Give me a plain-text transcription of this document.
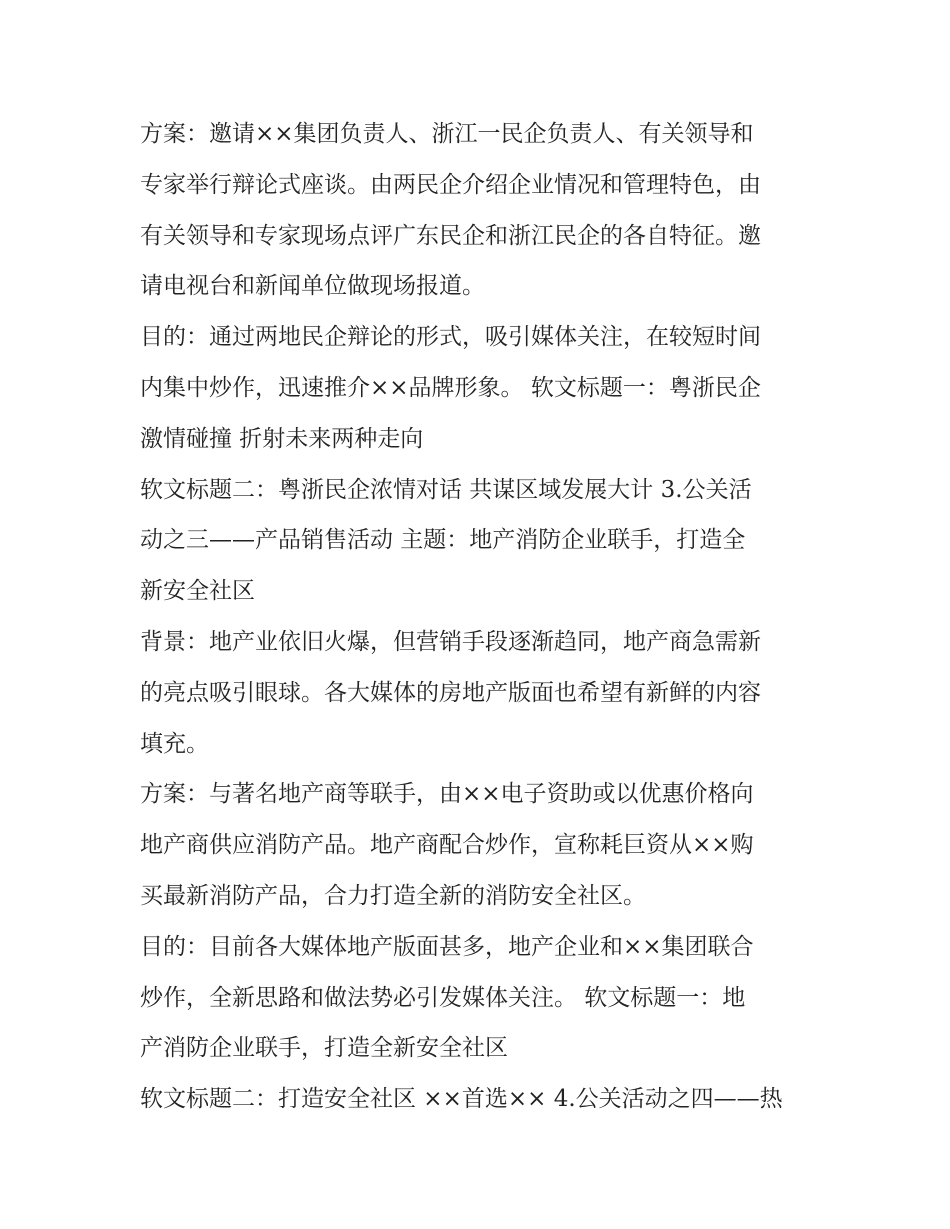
方案：邀请××集团负责人、浙江一民企负责人、有关领导和
专家举行辩论式座谈。由两民企介绍企业情况和管理特色，由
有关领导和专家现场点评广东民企和浙江民企的各自特征。邀
请电视台和新闻单位做现场报道。
目的：通过两地民企辩论的形式，吸引媒体关注，在较短时间
内集中炒作，迅速推介××品牌形象。 软文标题一：粤浙民企
激情碰撞 折射未来两种走向
软文标题二：粤浙民企浓情对话 共谋区域发展大计 3.公关活
动之三——产品销售活动 主题：地产消防企业联手，打造全
新安全社区
背景：地产业依旧火爆，但营销手段逐渐趋同，地产商急需新
的亮点吸引眼球。各大媒体的房地产版面也希望有新鲜的内容
填充。
方案：与著名地产商等联手，由××电子资助或以优惠价格向
地产商供应消防产品。地产商配合炒作，宣称耗巨资从××购
买最新消防产品，合力打造全新的消防安全社区。
目的：目前各大媒体地产版面甚多，地产企业和××集团联合
炒作，全新思路和做法势必引发媒体关注。 软文标题一：地
产消防企业联手，打造全新安全社区
软文标题二：打造安全社区 ××首选×× 4.公关活动之四——热
